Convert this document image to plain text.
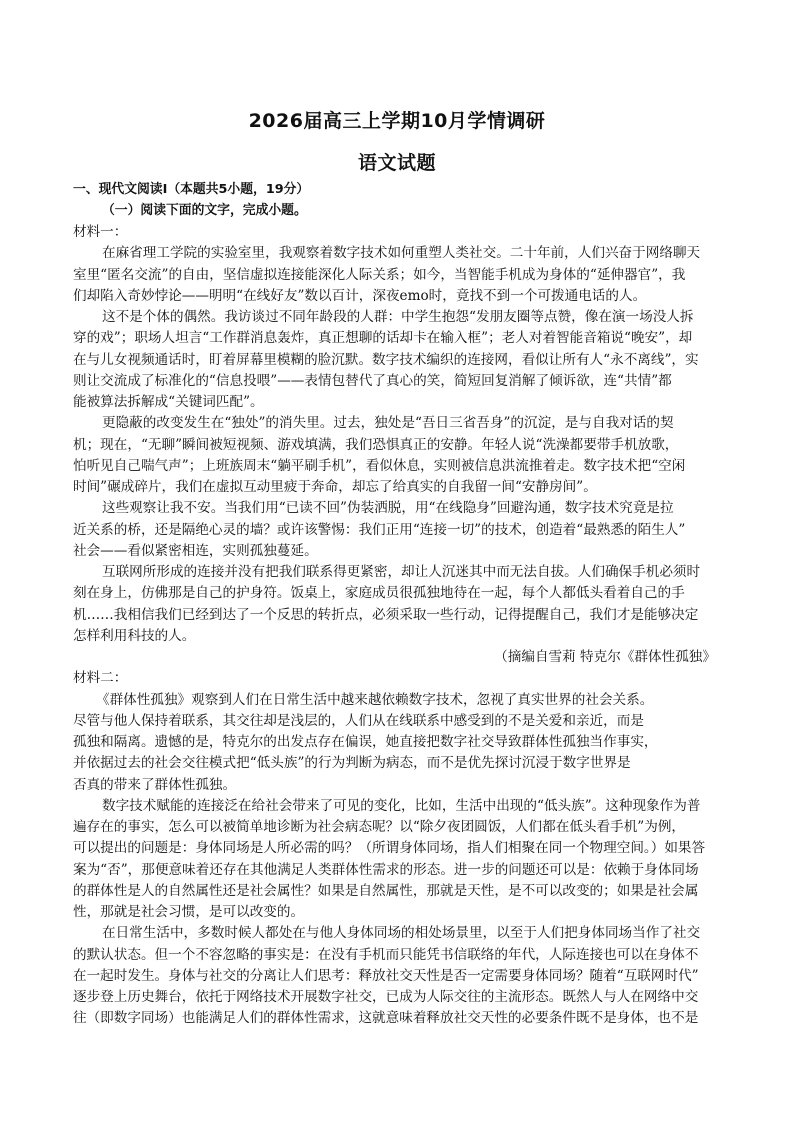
2026届高三上学期10月学情调研
语文试题
一、现代文阅读Ⅰ（本题共5小题，19分）
（一）阅读下面的文字，完成小题。
材料一：
在麻省理工学院的实验室里，我观察着数字技术如何重塑人类社交。二十年前，人们兴奋于网络聊天
室里“匿名交流”的自由，坚信虚拟连接能深化人际关系；如今，当智能手机成为身体的“延伸器官”，我
们却陷入奇妙悖论——明明“在线好友”数以百计，深夜emo时，竟找不到一个可拨通电话的人。
这不是个体的偶然。我访谈过不同年龄段的人群：中学生抱怨“发朋友圈等点赞，像在演一场没人拆
穿的戏”；职场人坦言“工作群消息轰炸，真正想聊的话却卡在输入框”；老人对着智能音箱说“晚安”，却
在与儿女视频通话时，盯着屏幕里模糊的脸沉默。数字技术编织的连接网，看似让所有人“永不离线”，实
则让交流成了标准化的“信息投喂”——表情包替代了真心的笑，简短回复消解了倾诉欲，连“共情”都
能被算法拆解成“关键词匹配”。
更隐蔽的改变发生在“独处”的消失里。过去，独处是“吾日三省吾身”的沉淀，是与自我对话的契
机；现在，“无聊”瞬间被短视频、游戏填满，我们恐惧真正的安静。年轻人说“洗澡都要带手机放歌，
怕听见自己喘气声”；上班族周末“躺平刷手机”，看似休息，实则被信息洪流推着走。数字技术把“空闲
时间”碾成碎片，我们在虚拟互动里疲于奔命，却忘了给真实的自我留一间“安静房间”。
这些观察让我不安。当我们用“已读不回”伪装洒脱，用“在线隐身”回避沟通，数字技术究竟是拉
近关系的桥，还是隔绝心灵的墙？或许该警惕：我们正用“连接一切”的技术，创造着“最熟悉的陌生人”
社会——看似紧密相连，实则孤独蔓延。
互联网所形成的连接并没有把我们联系得更紧密，却让人沉迷其中而无法自拔。人们确保手机必须时
刻在身上，仿佛那是自己的护身符。饭桌上，家庭成员很孤独地待在一起，每个人都低头看着自己的手
机……我相信我们已经到达了一个反思的转折点，必须采取一些行动，记得提醒自己，我们才是能够决定
怎样利用科技的人。
（摘编自雪莉 特克尔《群体性孤独》
材料二：
《群体性孤独》观察到人们在日常生活中越来越依赖数字技术，忽视了真实世界的社会关系。
尽管与他人保持着联系，其交往却是浅层的，人们从在线联系中感受到的不是关爱和亲近，而是
孤独和隔离。遗憾的是，特克尔的出发点存在偏误，她直接把数字社交导致群体性孤独当作事实，
并依据过去的社会交往模式把“低头族”的行为判断为病态，而不是优先探讨沉浸于数字世界是
否真的带来了群体性孤独。
数字技术赋能的连接泛在给社会带来了可见的变化，比如，生活中出现的“低头族”。这种现象作为普
遍存在的事实，怎么可以被简单地诊断为社会病态呢？以“除夕夜团圆饭，人们都在低头看手机”为例，
可以提出的问题是：身体同场是人所必需的吗？（所谓身体同场，指人们相聚在同一个物理空间。）如果答
案为“否”，那便意味着还存在其他满足人类群体性需求的形态。进一步的问题还可以是：依赖于身体同场
的群体性是人的自然属性还是社会属性？如果是自然属性，那就是天性，是不可以改变的；如果是社会属
性，那就是社会习惯，是可以改变的。
在日常生活中，多数时候人都处在与他人身体同场的相处场景里，以至于人们把身体同场当作了社交
的默认状态。但一个不容忽略的事实是：在没有手机而只能凭书信联络的年代，人际连接也可以在身体不
在一起时发生。身体与社交的分离让人们思考：释放社交天性是否一定需要身体同场？随着“互联网时代”
逐步登上历史舞台，依托于网络技术开展数字社交，已成为人际交往的主流形态。既然人与人在网络中交
往（即数字同场）也能满足人们的群体性需求，这就意味着释放社交天性的必要条件既不是身体，也不是
